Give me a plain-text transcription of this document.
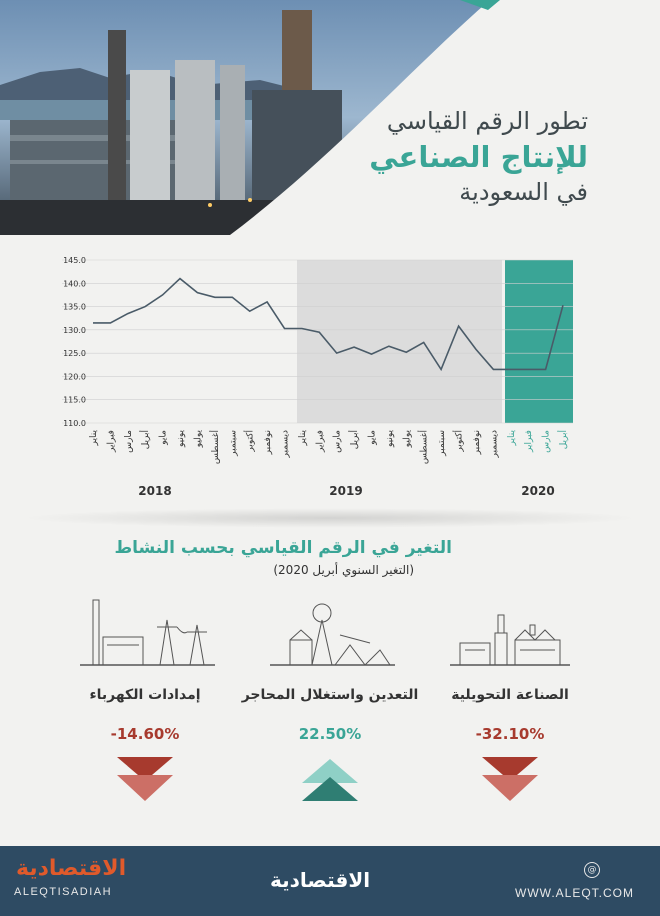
تطور الرقم القياسي
للإنتاج الصناعي
في السعودية
145.0
140.0
135.0
130.0
125.0
120.0
115.0
110.0
يناير فبراير مارس أبريل مايو يونيو يوليو أغسطس سبتمبر أكتوبر نوفمبر ديسمبر يناير فبراير مارس أبريل مايو يونيو يوليو أغسطس سبتمبر أكتوبر نوفمبر ديسمبر يناير فبراير مارس أبريل
2018	2019	2020
التغير في الرقم القياسي بحسب النشاط
(التغير السنوي أبريل 2020)
الصناعة التحويلية
-32.10%
التعدين واستغلال المحاجر
22.50%
إمدادات الكهرباء
-14.60%
الاقتصادية
ALEQTISADIAH	الاقتصادية	@
WWW.ALEQT.COM
